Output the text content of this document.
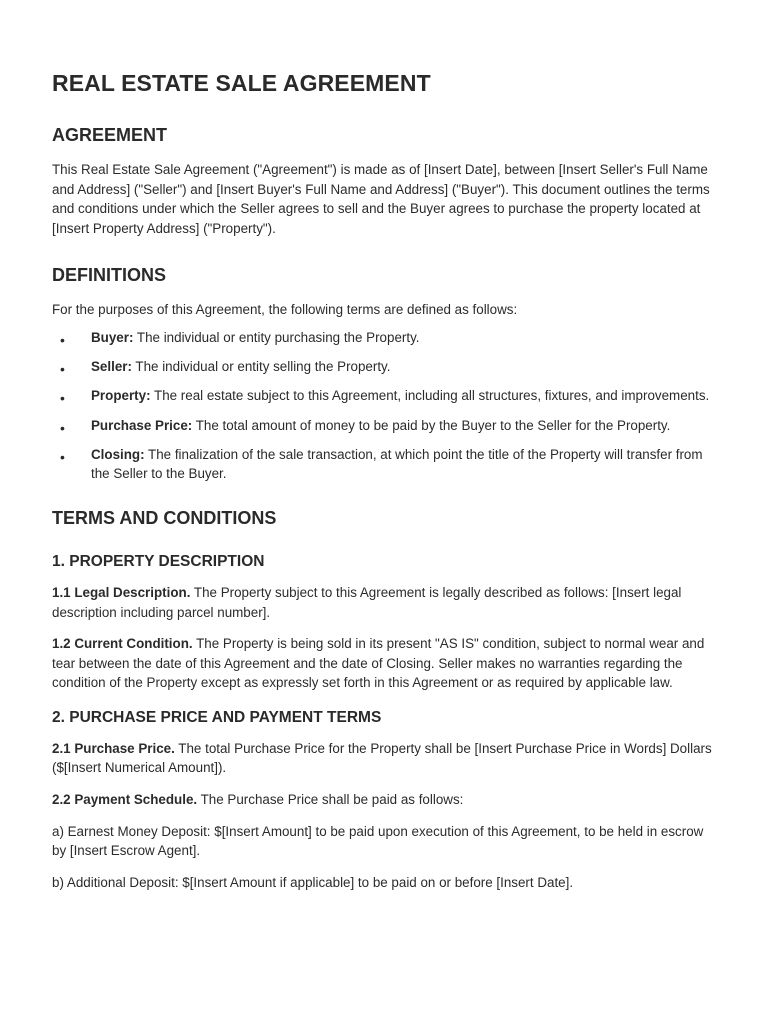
REAL ESTATE SALE AGREEMENT
AGREEMENT

This Real Estate Sale Agreement ("Agreement") is made as of [Insert Date], between [Insert Seller's Full Name and Address] ("Seller") and [Insert Buyer's Full Name and Address] ("Buyer"). This document outlines the terms and conditions under which the Seller agrees to sell and the Buyer agrees to purchase the property located at [Insert Property Address] ("Property").

DEFINITIONS

For the purposes of this Agreement, the following terms are defined as follows:

• Buyer: The individual or entity purchasing the Property.
• Seller: The individual or entity selling the Property.
• Property: The real estate subject to this Agreement, including all structures, fixtures, and improvements.
• Purchase Price: The total amount of money to be paid by the Buyer to the Seller for the Property.
• Closing: The finalization of the sale transaction, at which point the title of the Property will transfer from the Seller to the Buyer.
TERMS AND CONDITIONS
1. PROPERTY DESCRIPTION

1.1 Legal Description. The Property subject to this Agreement is legally described as follows: [Insert legal description including parcel number].

1.2 Current Condition. The Property is being sold in its present "AS IS" condition, subject to normal wear and tear between the date of this Agreement and the date of Closing. Seller makes no warranties regarding the condition of the Property except as expressly set forth in this Agreement or as required by applicable law.

2. PURCHASE PRICE AND PAYMENT TERMS

2.1 Purchase Price. The total Purchase Price for the Property shall be [Insert Purchase Price in Words] Dollars ($[Insert Numerical Amount]).

2.2 Payment Schedule. The Purchase Price shall be paid as follows:

a) Earnest Money Deposit: $[Insert Amount] to be paid upon execution of this Agreement, to be held in escrow by [Insert Escrow Agent].

b) Additional Deposit: $[Insert Amount if applicable] to be paid on or before [Insert Date].
